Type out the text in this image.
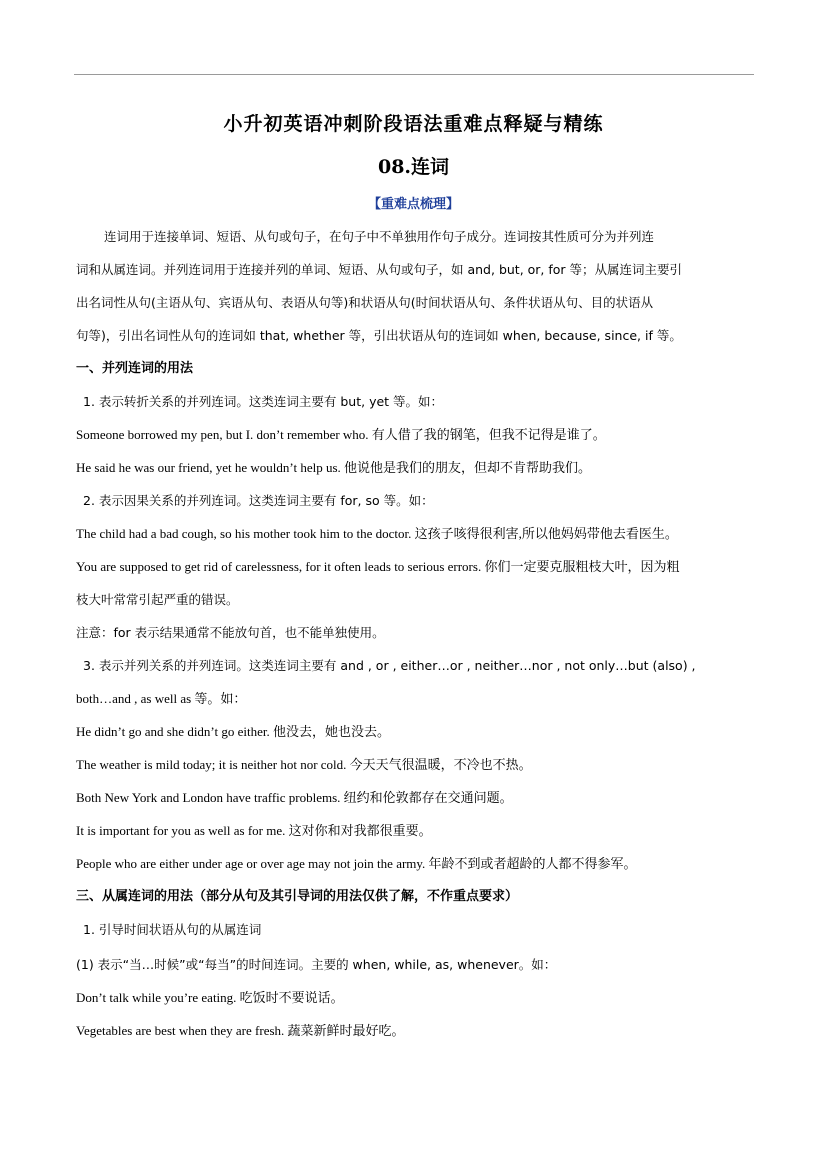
小升初英语冲刺阶段语法重难点释疑与精练
08.连词
【重难点梳理】
连词用于连接单词、短语、从句或句子，在句子中不单独用作句子成分。连词按其性质可分为并列连
词和从属连词。并列连词用于连接并列的单词、短语、从句或句子，如 and, but, or, for 等；从属连词主要引
出名词性从句(主语从句、宾语从句、表语从句等)和状语从句(时间状语从句、条件状语从句、目的状语从
句等)，引出名词性从句的连词如 that, whether 等，引出状语从句的连词如 when, because, since, if 等。
一、并列连词的用法
1. 表示转折关系的并列连词。这类连词主要有 but, yet 等。如：
Someone borrowed my pen, but I. don’t remember who. 有人借了我的钢笔，但我不记得是谁了。
He said he was our friend, yet he wouldn’t help us. 他说他是我们的朋友，但却不肯帮助我们。
2. 表示因果关系的并列连词。这类连词主要有 for, so 等。如：
The child had a bad cough, so his mother took him to the doctor. 这孩子咳得很利害,所以他妈妈带他去看医生。
You are supposed to get rid of carelessness, for it often leads to serious errors. 你们一定要克服粗枝大叶，因为粗
枝大叶常常引起严重的错误。
注意：for 表示结果通常不能放句首，也不能单独使用。
3. 表示并列关系的并列连词。这类连词主要有 and , or , either…or , neither…nor , not only…but (also) ,
both…and , as well as 等。如：
He didn’t go and she didn’t go either. 他没去，她也没去。
The weather is mild today; it is neither hot nor cold. 今天天气很温暖，不冷也不热。
Both New York and London have traffic problems. 纽约和伦敦都存在交通问题。
It is important for you as well as for me. 这对你和对我都很重要。
People who are either under age or over age may not join the army. 年龄不到或者超龄的人都不得参军。
三、从属连词的用法（部分从句及其引导词的用法仅供了解，不作重点要求）
1. 引导时间状语从句的从属连词
(1) 表示“当…时候”或“每当”的时间连词。主要的 when, while, as, whenever。如：
Don’t talk while you’re eating. 吃饭时不要说话。
Vegetables are best when they are fresh. 蔬菜新鲜时最好吃。
